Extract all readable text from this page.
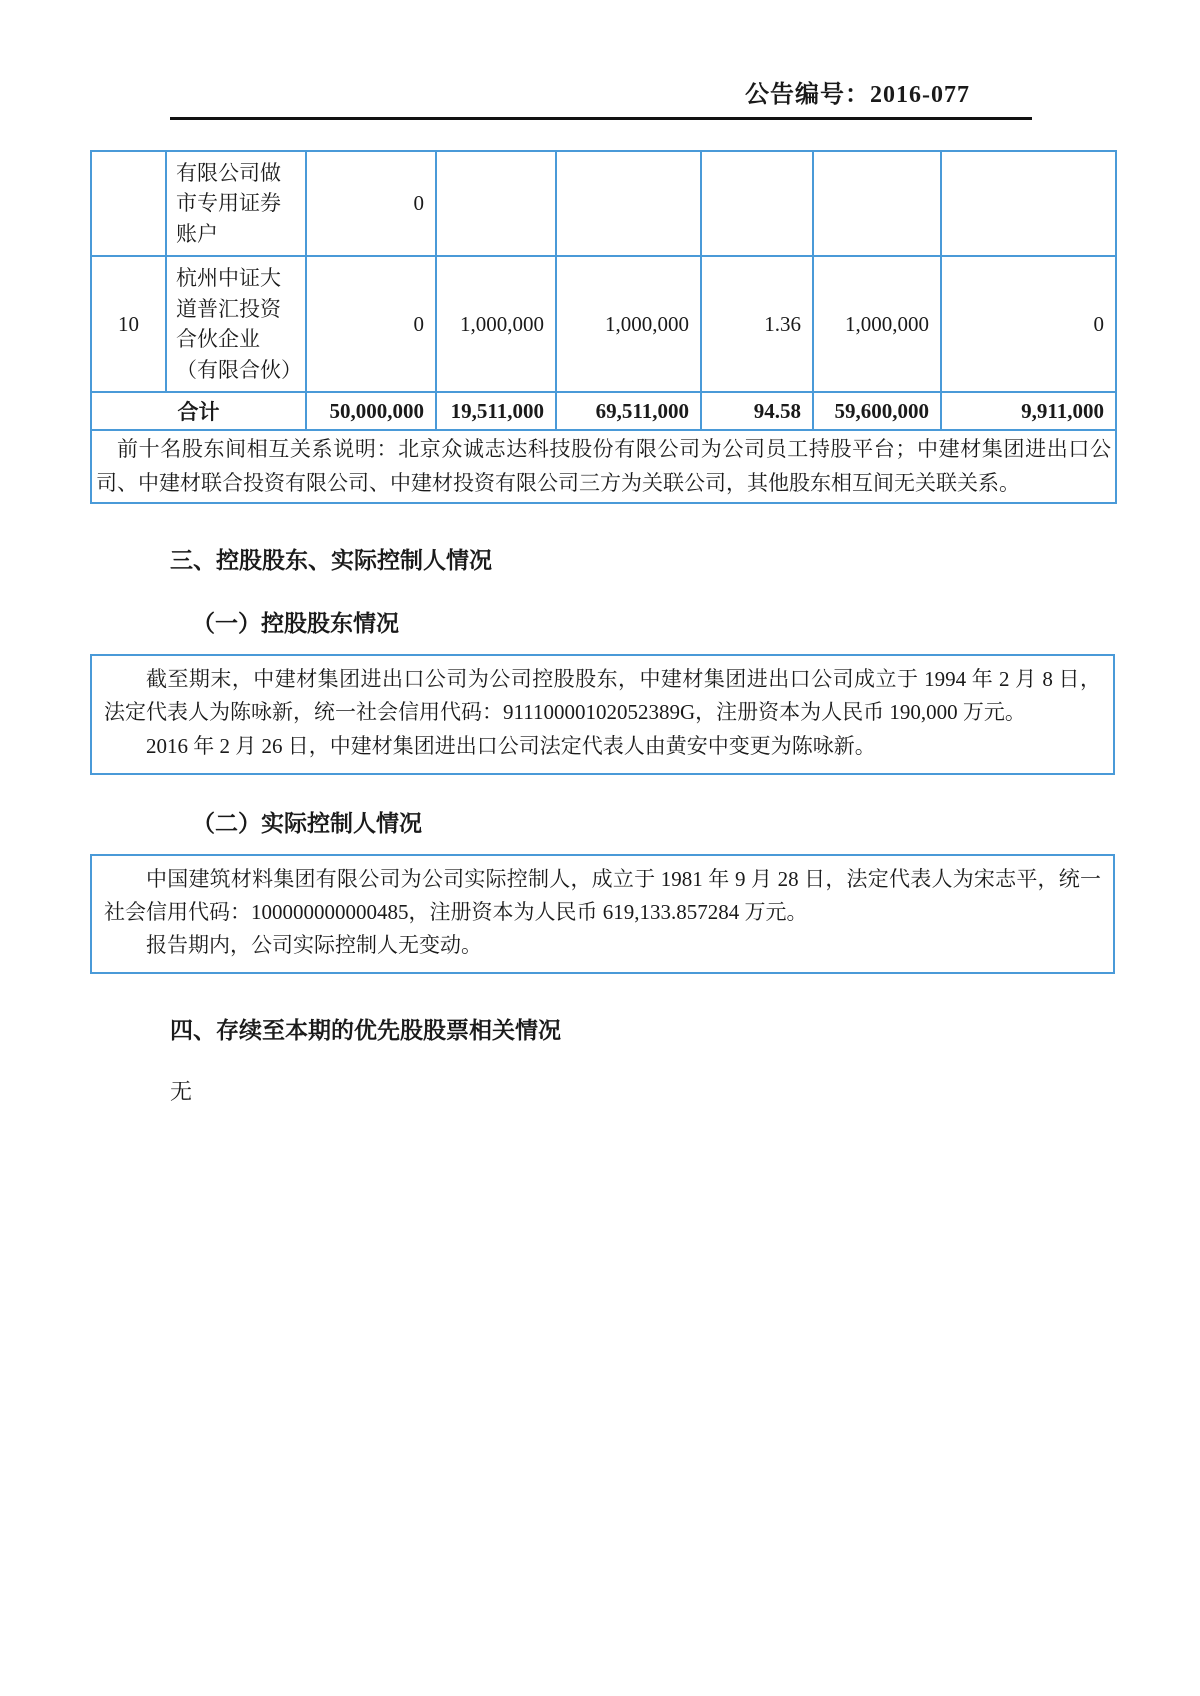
公告编号：2016-077
	有限公司做市专用证券账户	0					
10	杭州中证大道普汇投资合伙企业（有限合伙）	0	1,000,000	1,000,000	1.36	1,000,000	0
合计		50,000,000	19,511,000	69,511,000	94.58	59,600,000	9,911,000
前十名股东间相互关系说明：北京众诚志达科技股份有限公司为公司员工持股平台；中建材集团进出口公司、中建材联合投资有限公司、中建材投资有限公司三方为关联公司，其他股东相互间无关联关系。							
三、控股股东、实际控制人情况
（一）控股股东情况

截至期末，中建材集团进出口公司为公司控股股东，中建材集团进出口公司成立于 1994 年 2 月 8 日，法定代表人为陈咏新，统一社会信用代码：91110000102052389G，注册资本为人民币 190,000 万元。

2016 年 2 月 26 日，中建材集团进出口公司法定代表人由黄安中变更为陈咏新。

（二）实际控制人情况

中国建筑材料集团有限公司为公司实际控制人，成立于 1981 年 9 月 28 日，法定代表人为宋志平，统一社会信用代码：100000000000485，注册资本为人民币 619,133.857284 万元。

报告期内，公司实际控制人无变动。

四、存续至本期的优先股股票相关情况
无
